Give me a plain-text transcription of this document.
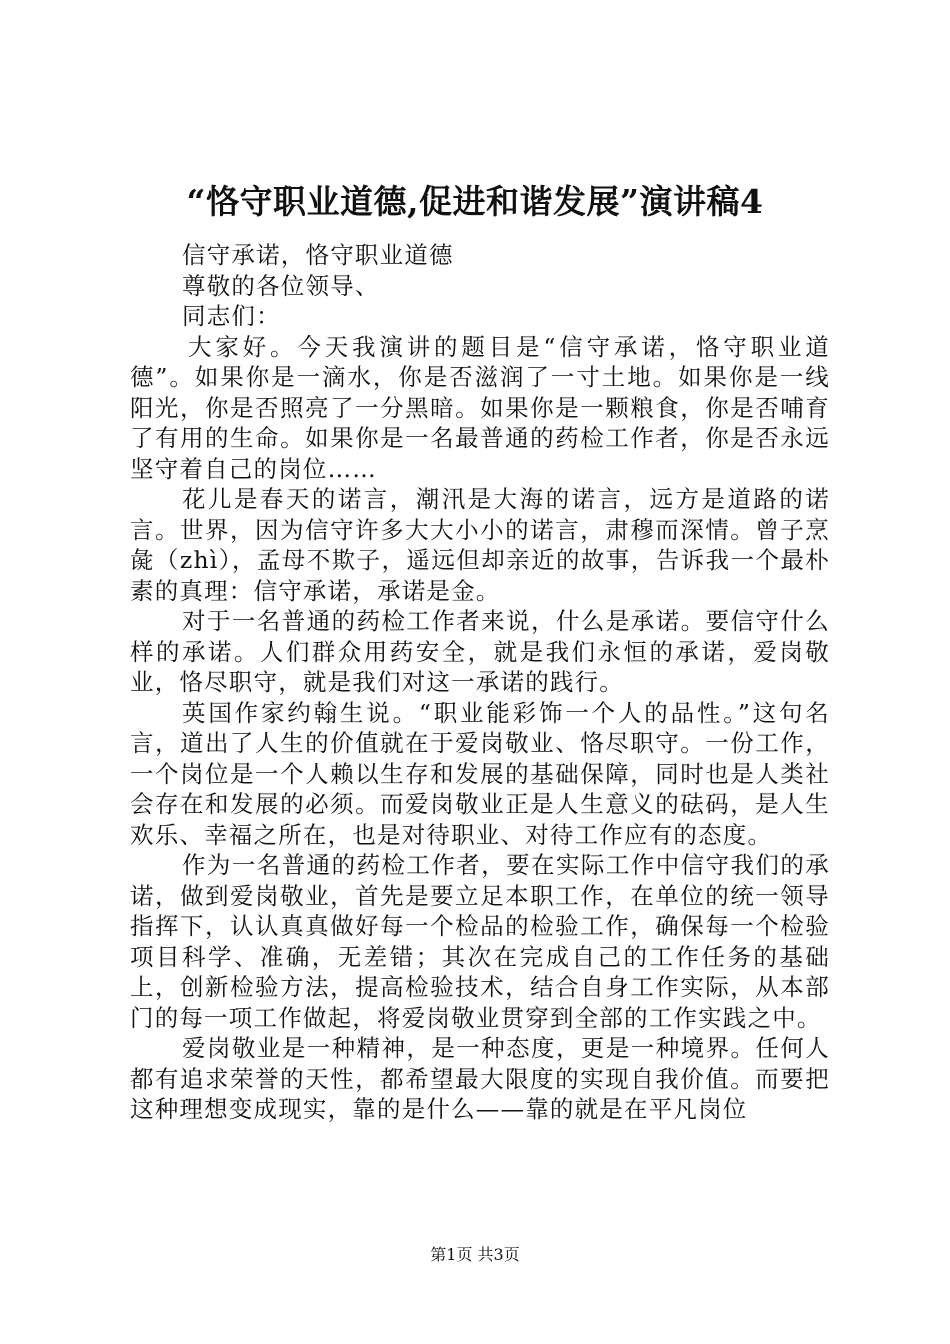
“恪守职业道德,促进和谐发展”演讲稿4

信守承诺，恪守职业道德

尊敬的各位领导、

同志们：

大家好。今天我演讲的题目是“信守承诺，恪守职业道德”。如果你是一滴水，你是否滋润了一寸土地。如果你是一线阳光，你是否照亮了一分黑暗。如果你是一颗粮食，你是否哺育了有用的生命。如果你是一名最普通的药检工作者，你是否永远坚守着自己的岗位……

花儿是春天的诺言，潮汛是大海的诺言，远方是道路的诺言。世界，因为信守许多大大小小的诺言，肃穆而深情。曾子烹彘（zhì），孟母不欺子，遥远但却亲近的故事，告诉我一个最朴素的真理：信守承诺，承诺是金。

对于一名普通的药检工作者来说，什么是承诺。要信守什么样的承诺。人们群众用药安全，就是我们永恒的承诺，爱岗敬业，恪尽职守，就是我们对这一承诺的践行。

英国作家约翰生说。“职业能彩饰一个人的品性。”这句名言，道出了人生的价值就在于爱岗敬业、恪尽职守。一份工作，一个岗位是一个人赖以生存和发展的基础保障，同时也是人类社会存在和发展的必须。而爱岗敬业正是人生意义的砝码，是人生欢乐、幸福之所在，也是对待职业、对待工作应有的态度。

作为一名普通的药检工作者，要在实际工作中信守我们的承诺，做到爱岗敬业，首先是要立足本职工作，在单位的统一领导指挥下，认认真真做好每一个检品的检验工作，确保每一个检验项目科学、准确，无差错；其次在完成自己的工作任务的基础上，创新检验方法，提高检验技术，结合自身工作实际，从本部门的每一项工作做起，将爱岗敬业贯穿到全部的工作实践之中。

爱岗敬业是一种精神，是一种态度，更是一种境界。任何人都有追求荣誉的天性，都希望最大限度的实现自我价值。而要把这种理想变成现实，靠的是什么——靠的就是在平凡岗位

第1页 共3页
